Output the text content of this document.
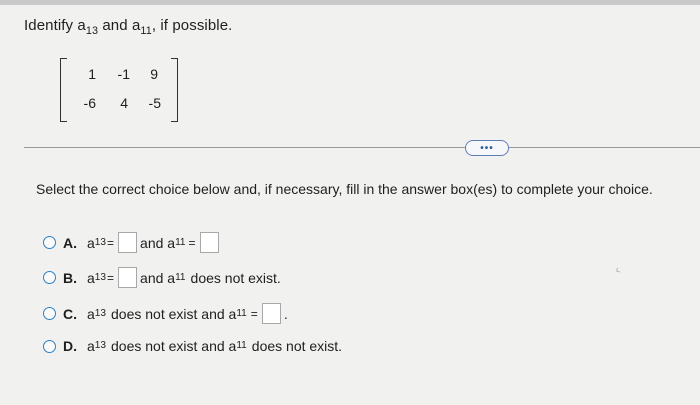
Identify $a_{13}$ and $a_{11}$, if possible.
1	-1	9
-6	4	-5
•••
Select the correct choice below and, if necessary, fill in the answer box(es) to complete your choice.
A. a 13 = and a 11 =
B. a 13 = and a 11 does not exist.
C. a 13 does not exist and a 11 = .
D. a 13 does not exist and a 11 does not exist.
‹
